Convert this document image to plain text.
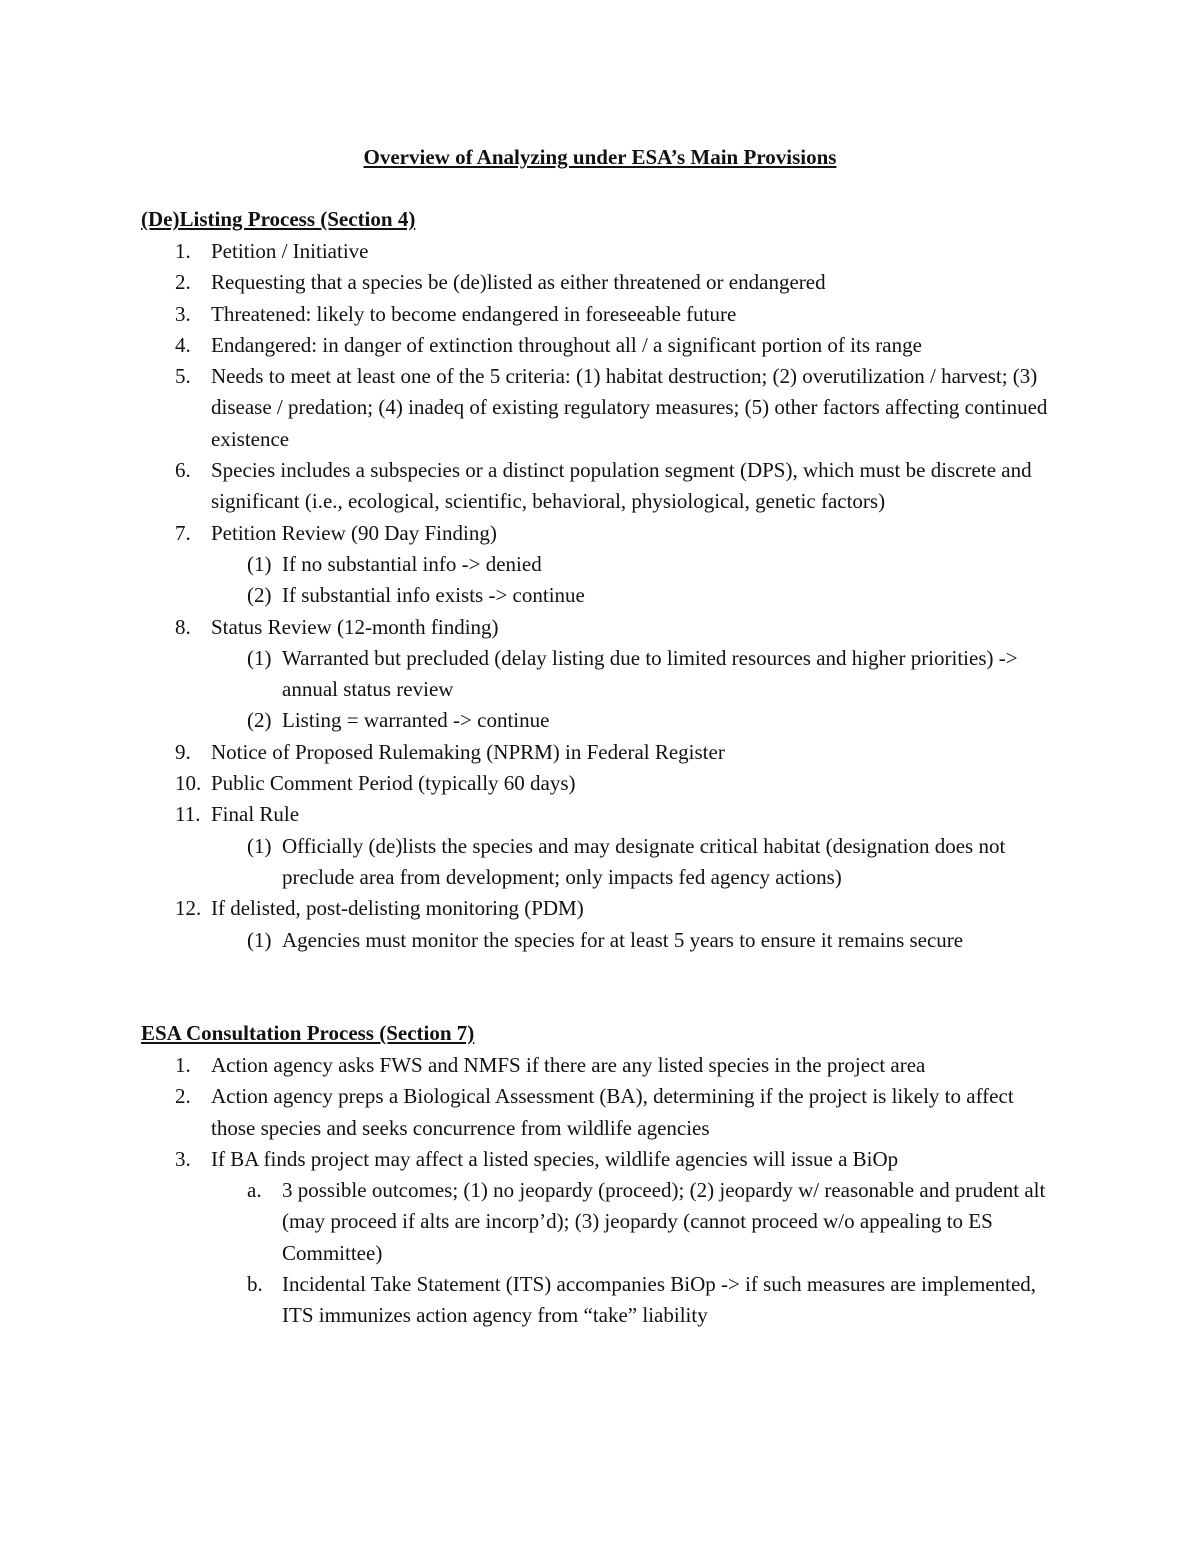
Overview of Analyzing under ESA’s Main Provisions
(De)Listing Process (Section 4)
1. Petition / Initiative
2. Requesting that a species be (de)listed as either threatened or endangered
3. Threatened: likely to become endangered in foreseeable future
4. Endangered: in danger of extinction throughout all / a significant portion of its range
5. Needs to meet at least one of the 5 criteria: (1) habitat destruction; (2) overutilization / harvest; (3) disease / predation; (4) inadeq of existing regulatory measures; (5) other factors affecting continued existence
6. Species includes a subspecies or a distinct population segment (DPS), which must be discrete and significant (i.e., ecological, scientific, behavioral, physiological, genetic factors)
7. Petition Review (90 Day Finding)
(1) If no substantial info -> denied
(2) If substantial info exists -> continue
8. Status Review (12-month finding)
(1) Warranted but precluded (delay listing due to limited resources and higher priorities) -> annual status review
(2) Listing = warranted -> continue
9. Notice of Proposed Rulemaking (NPRM) in Federal Register
10. Public Comment Period (typically 60 days)
11. Final Rule
(1) Officially (de)lists the species and may designate critical habitat (designation does not preclude area from development; only impacts fed agency actions)
12. If delisted, post-delisting monitoring (PDM)
(1) Agencies must monitor the species for at least 5 years to ensure it remains secure
ESA Consultation Process (Section 7)
1. Action agency asks FWS and NMFS if there are any listed species in the project area
2. Action agency preps a Biological Assessment (BA), determining if the project is likely to affect those species and seeks concurrence from wildlife agencies
3. If BA finds project may affect a listed species, wildlife agencies will issue a BiOp
a. 3 possible outcomes; (1) no jeopardy (proceed); (2) jeopardy w/ reasonable and prudent alt (may proceed if alts are incorp’d); (3) jeopardy (cannot proceed w/o appealing to ES Committee)
b. Incidental Take Statement (ITS) accompanies BiOp -> if such measures are implemented, ITS immunizes action agency from “take” liability
